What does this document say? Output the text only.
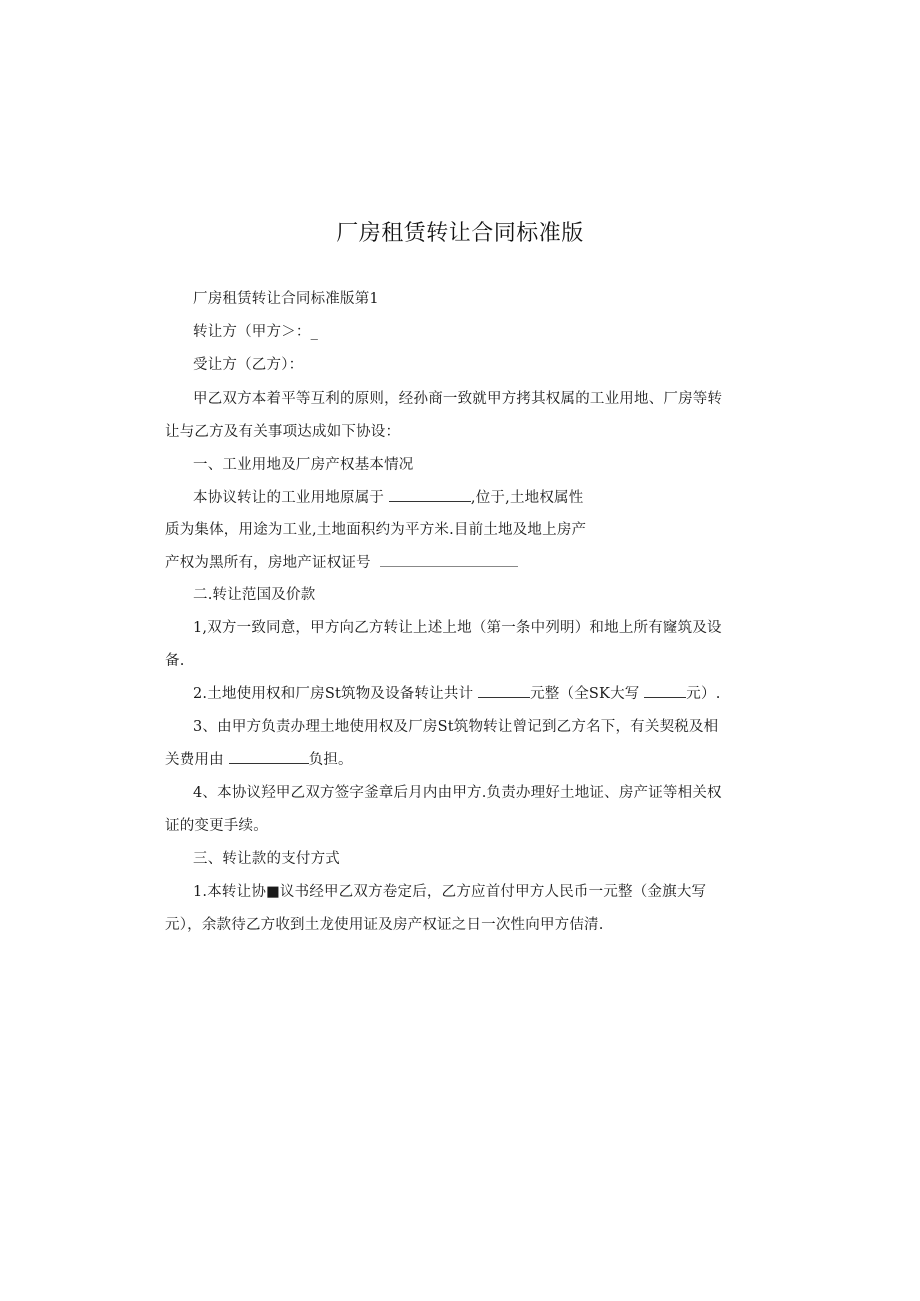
厂房租赁转让合同标准版
厂房租赁转让合同标准版第1
转让方（甲方＞：_
受让方（乙方）：
甲乙双方本着平等互利的原则，经孙商一致就甲方拷其权属的工业用地、厂房等转
让与乙方及有关事项达成如下协设：
一、工业用地及厂房产权基本情况
本协议转让的工业用地原属于	,位于,土地权属性
质为集体，用途为工业,土地面积约为平方米.目前土地及地上房产
产权为黑所有，房地产证权证号
二.转让范国及价款
1,双方一致同意，甲方向乙方转让上述上地（第一条中列明）和地上所有窿筑及设
备.
2.土地使用权和厂房St筑物及设备转让共计	元整（全SK大写	元）.
3、由甲方负责办理土地使用权及厂房St筑物转让曾记到乙方名下，有关契税及相
关费用由	负担。
4、本协议羟甲乙双方签字釜章后月内由甲方.负责办理好土地证、房产证等相关权
证的变更手续。
三、转让款的支付方式
1.本转让协■议书经甲乙双方卷定后，乙方应首付甲方人民币一元整（金旗大写
元），余款待乙方收到土龙使用证及房产权证之日一次性向甲方佶清.
